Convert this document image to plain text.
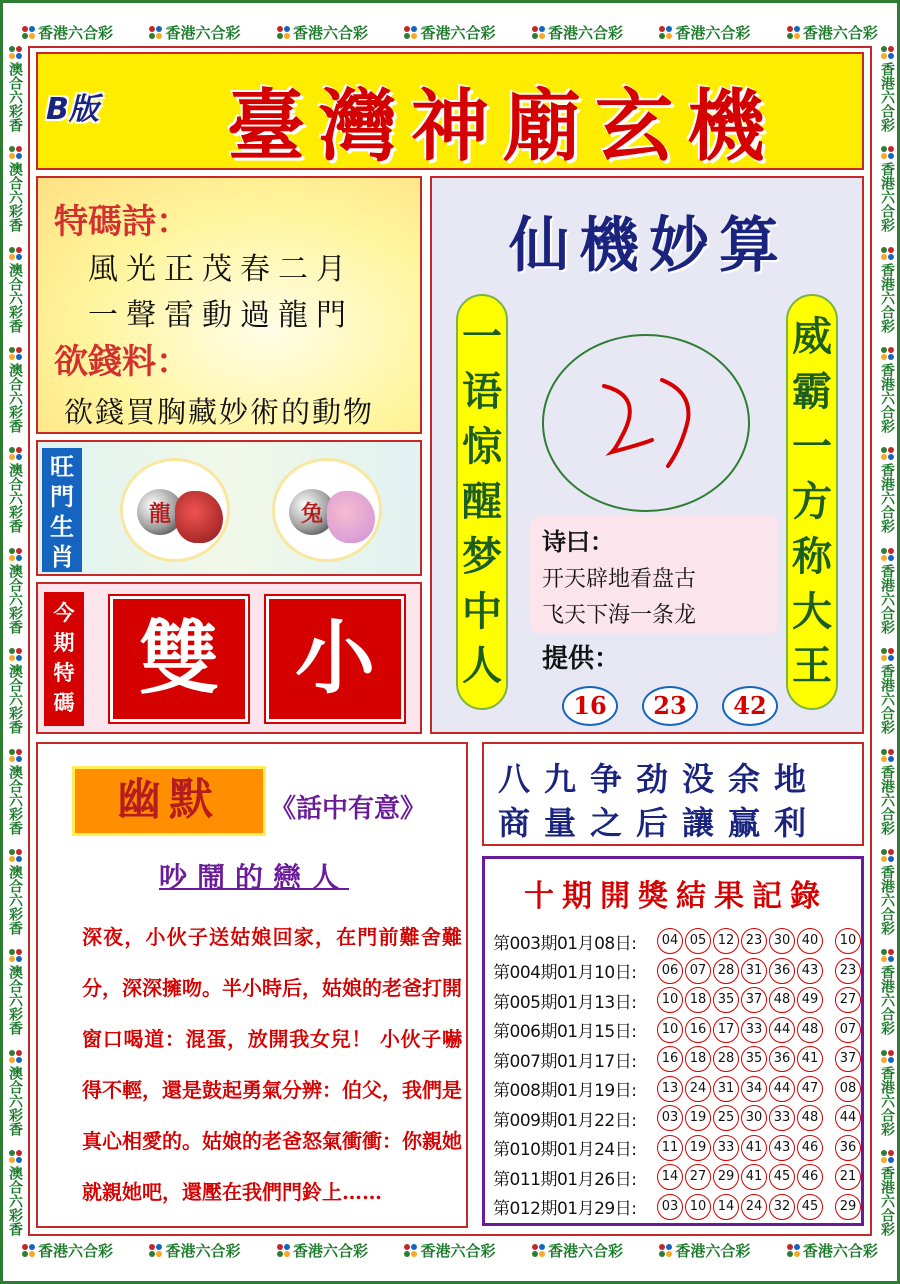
香港六合彩	香港六合彩	香港六合彩	香港六合彩	香港六合彩	香港六合彩	香港六合彩
香港六合彩	香港六合彩	香港六合彩	香港六合彩	香港六合彩	香港六合彩	香港六合彩
澳合六彩香
澳合六彩香
澳合六彩香
澳合六彩香
澳合六彩香
澳合六彩香
澳合六彩香
澳合六彩香
澳合六彩香
澳合六彩香
澳合六彩香
澳合六彩香
香港六合彩
香港六合彩
香港六合彩
香港六合彩
香港六合彩
香港六合彩
香港六合彩
香港六合彩
香港六合彩
香港六合彩
香港六合彩
香港六合彩
B版	臺灣神廟玄機
特碼詩：
風光正茂春二月
一聲雷動過龍門
欲錢料：
欲錢買胸藏妙術的動物
旺門生肖
龍	兔
今期特碼 雙 小
仙機妙算
一
语
惊
醒
梦
中
人
威
霸
一
方
称
大
王
诗曰：
开天辟地看盘古
飞天下海一条龙
提供：
16	23	42
幽默	《話中有意》
吵鬧的戀人
深夜，小伙子送姑娘回家，在門前難舍難分，深深擁吻。半小時后，姑娘的老爸打開窗口喝道：混蛋，放開我女兒！ 小伙子嚇得不輕，還是鼓起勇氣分辨：伯父，我們是真心相愛的。姑娘的老爸怒氣衝衝：你親她就親她吧，還壓在我們門鈴上……
八九争劲没余地
商量之后讓赢利
十期開獎結果記錄
第003期01月08日:	04 05 12 23 30 40	10
第004期01月10日:	06 07 28 31 36 43	23
第005期01月13日:	10 18 35 37 48 49	27
第006期01月15日:	10 16 17 33 44 48	07
第007期01月17日:	16 18 28 35 36 41	37
第008期01月19日:	13 24 31 34 44 47	08
第009期01月22日:	03 19 25 30 33 48	44
第010期01月24日:	11 19 33 41 43 46	36
第011期01月26日:	14 27 29 41 45 46	21
第012期01月29日:	03 10 14 24 32 45	29
